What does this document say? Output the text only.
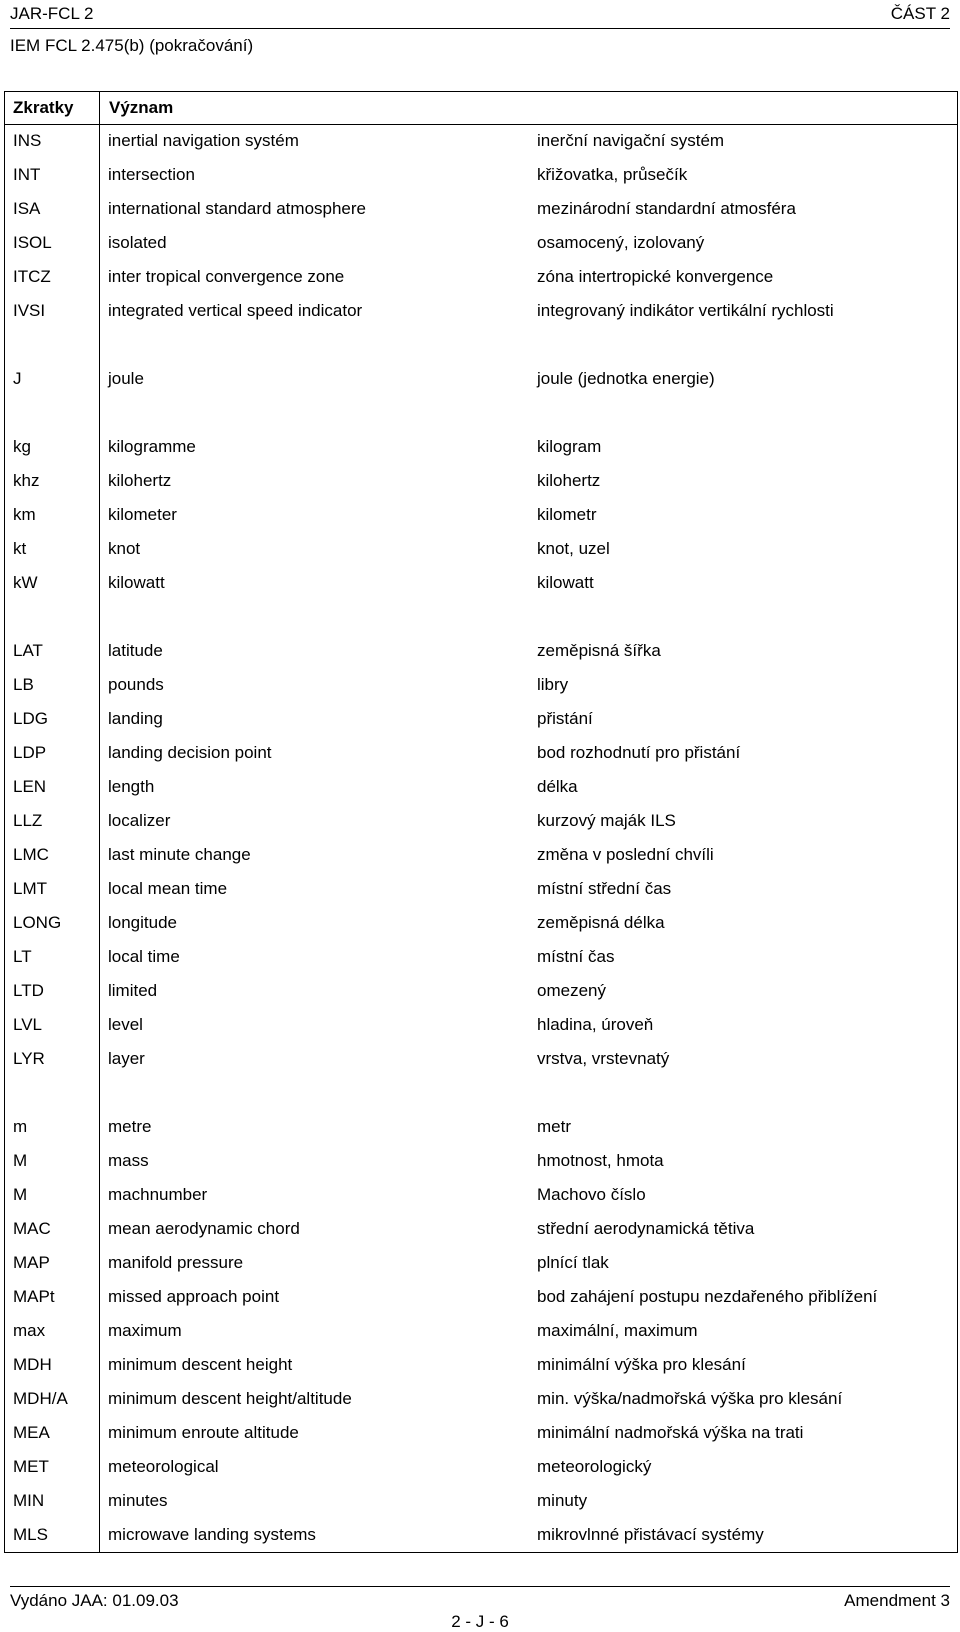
JAR-FCL 2	ČÁST 2
IEM FCL 2.475(b) (pokračování)
Zkratky Význam
INS	inertial navigation systém	inerční navigační systém
INT	intersection	křižovatka, průsečík
ISA	international standard atmosphere	mezinárodní standardní atmosféra
ISOL	isolated	osamocený, izolovaný
ITCZ	inter tropical convergence zone	zóna intertropické konvergence
IVSI	integrated vertical speed indicator	integrovaný indikátor vertikální rychlosti
J	joule	joule (jednotka energie)
kg	kilogramme	kilogram
khz	kilohertz	kilohertz
km	kilometer	kilometr
kt	knot	knot, uzel
kW	kilowatt	kilowatt
LAT	latitude	zeměpisná šířka
LB	pounds	libry
LDG	landing	přistání
LDP	landing decision point	bod rozhodnutí pro přistání
LEN	length	délka
LLZ	localizer	kurzový maják ILS
LMC	last minute change	změna v poslední chvíli
LMT	local mean time	místní střední čas
LONG	longitude	zeměpisná délka
LT	local time	místní čas
LTD	limited	omezený
LVL	level	hladina, úroveň
LYR	layer	vrstva, vrstevnatý
m	metre	metr
M	mass	hmotnost, hmota
M	machnumber	Machovo číslo
MAC	mean aerodynamic chord	střední aerodynamická tětiva
MAP	manifold pressure	plnící tlak
MAPt	missed approach point	bod zahájení postupu nezdařeného přiblížení
max	maximum	maximální, maximum
MDH	minimum descent height	minimální výška pro klesání
MDH/A minimum descent height/altitude	min. výška/nadmořská výška pro klesání
MEA	minimum enroute altitude	minimální nadmořská výška na trati
MET	meteorological	meteorologický
MIN	minutes	minuty
MLS	microwave landing systems	mikrovlnné přistávací systémy
Vydáno JAA: 01.09.03	Amendment 3
2 - J - 6
